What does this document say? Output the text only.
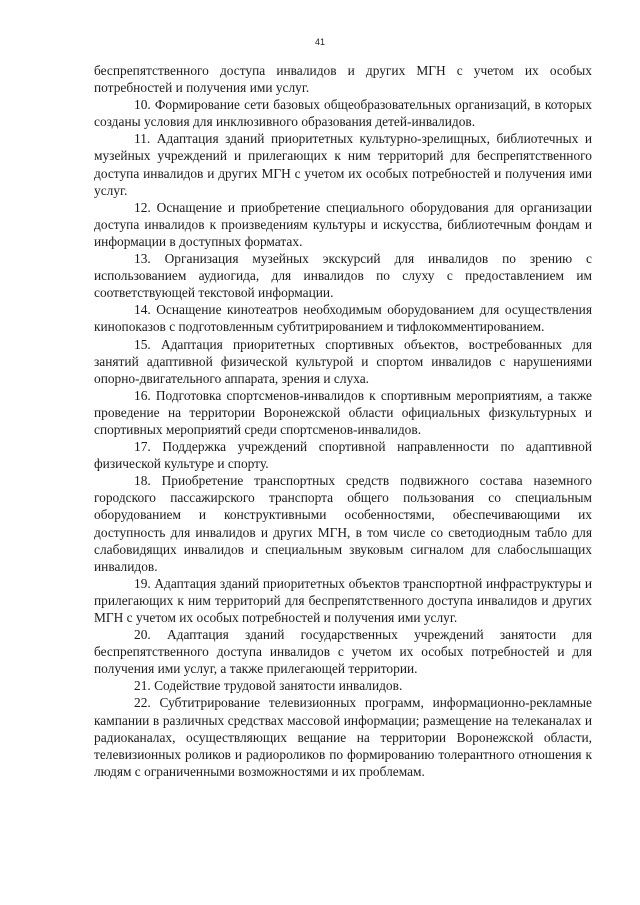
41

беспрепятственного доступа инвалидов и других МГН с учетом их особых потребностей и получения ими услуг.

10. Формирование сети базовых общеобразовательных организаций, в которых созданы условия для инклюзивного образования детей-инвалидов.

11. Адаптация зданий приоритетных культурно-зрелищных, библиотечных и музейных учреждений и прилегающих к ним территорий для беспрепятственного доступа инвалидов и других МГН с учетом их особых потребностей и получения ими услуг.

12. Оснащение и приобретение специального оборудования для организации доступа инвалидов к произведениям культуры и искусства, библиотечным фондам и информации в доступных форматах.

13. Организация музейных экскурсий для инвалидов по зрению с использованием аудиогида, для инвалидов по слуху с предоставлением им соответствующей текстовой информации.

14. Оснащение кинотеатров необходимым оборудованием для осуществления кинопоказов с подготовленным субтитрированием и тифлокомментированием.

15. Адаптация приоритетных спортивных объектов, востребованных для занятий адаптивной физической культурой и спортом инвалидов с нарушениями опорно-двигательного аппарата, зрения и слуха.

16. Подготовка спортсменов-инвалидов к спортивным мероприятиям, а также проведение на территории Воронежской области официальных физкультурных и спортивных мероприятий среди спортсменов-инвалидов.

17. Поддержка учреждений спортивной направленности по адаптивной физической культуре и спорту.

18. Приобретение транспортных средств подвижного состава наземного городского пассажирского транспорта общего пользования со специальным оборудованием и конструктивными особенностями, обеспечивающими их доступность для инвалидов и других МГН, в том числе со светодиодным табло для слабовидящих инвалидов и специальным звуковым сигналом для слабослышащих инвалидов.

19. Адаптация зданий приоритетных объектов транспортной инфраструктуры и прилегающих к ним территорий для беспрепятственного доступа инвалидов и других МГН с учетом их особых потребностей и получения ими услуг.

20. Адаптация зданий государственных учреждений занятости для беспрепятственного доступа инвалидов с учетом их особых потребностей и для получения ими услуг, а также прилегающей территории.

21. Содействие трудовой занятости инвалидов.

22. Субтитрирование телевизионных программ, информационно-рекламные кампании в различных средствах массовой информации; размещение на телеканалах и радиоканалах, осуществляющих вещание на территории Воронежской области, телевизионных роликов и радиороликов по формированию толерантного отношения к людям с ограниченными возможностями и их проблемам.
